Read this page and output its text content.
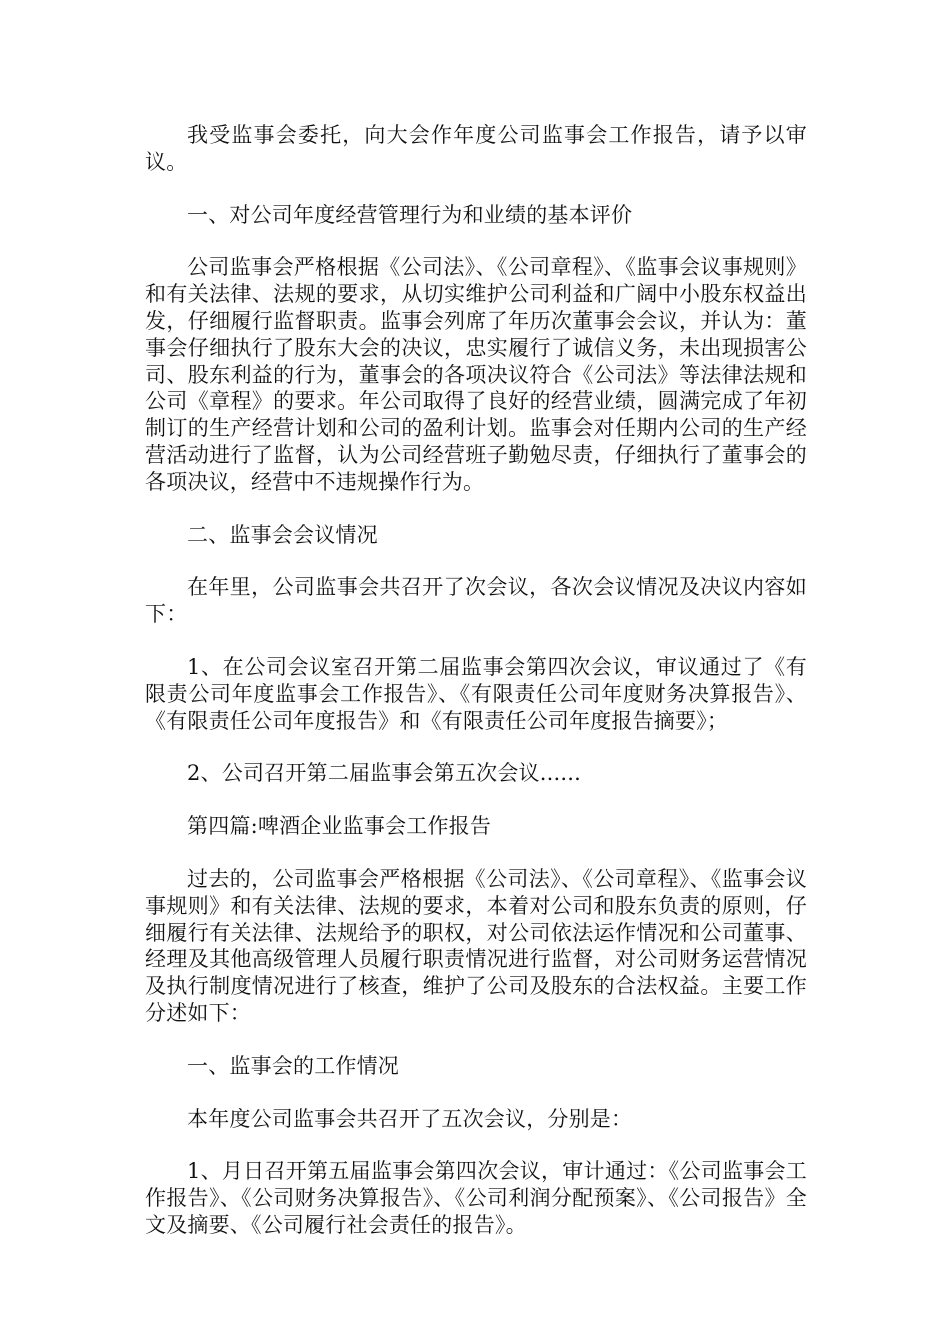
我受监事会委托，向大会作年度公司监事会工作报告，请予以审议。

一、对公司年度经营管理行为和业绩的基本评价

公司监事会严格根据《公司法》、《公司章程》、《监事会议事规则》和有关法律、法规的要求，从切实维护公司利益和广阔中小股东权益出发，仔细履行监督职责。监事会列席了年历次董事会会议，并认为：董事会仔细执行了股东大会的决议，忠实履行了诚信义务，未出现损害公司、股东利益的行为，董事会的各项决议符合《公司法》等法律法规和公司《章程》的要求。年公司取得了良好的经营业绩，圆满完成了年初制订的生产经营计划和公司的盈利计划。监事会对任期内公司的生产经营活动进行了监督，认为公司经营班子勤勉尽责，仔细执行了董事会的各项决议，经营中不违规操作行为。

二、监事会会议情况

在年里，公司监事会共召开了次会议，各次会议情况及决议内容如下：

1、在公司会议室召开第二届监事会第四次会议，审议通过了《有限责公司年度监事会工作报告》、《有限责任公司年度财务决算报告》、《有限责任公司年度报告》和《有限责任公司年度报告摘要》；

2、公司召开第二届监事会第五次会议......

第四篇:啤酒企业监事会工作报告

过去的，公司监事会严格根据《公司法》、《公司章程》、《监事会议事规则》和有关法律、法规的要求，本着对公司和股东负责的原则，仔细履行有关法律、法规给予的职权，对公司依法运作情况和公司董事、经理及其他高级管理人员履行职责情况进行监督，对公司财务运营情况及执行制度情况进行了核查，维护了公司及股东的合法权益。主要工作分述如下：

一、监事会的工作情况

本年度公司监事会共召开了五次会议，分别是：

1、月日召开第五届监事会第四次会议，审计通过：《公司监事会工作报告》、《公司财务决算报告》、《公司利润分配预案》、《公司报告》全文及摘要、《公司履行社会责任的报告》。
